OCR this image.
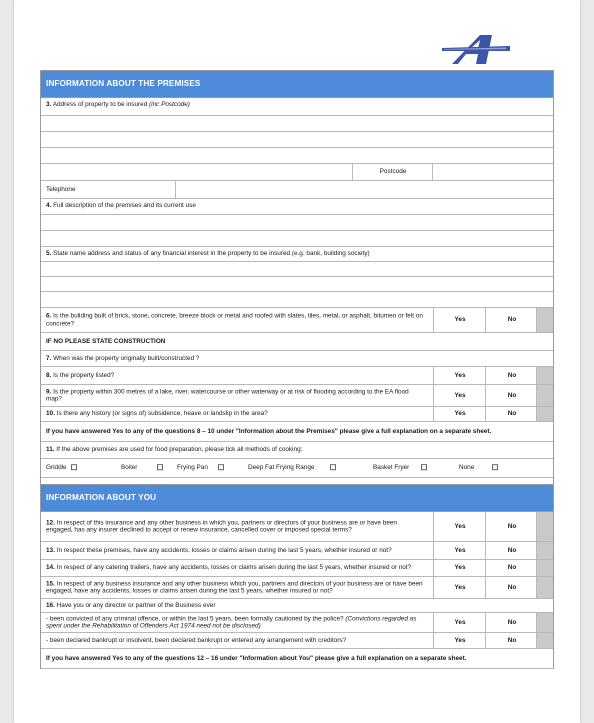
INFORMATION ABOUT THE PREMISES
3. Address of property to be insured (inc Postcode)
Postcode
Telephone
4. Full description of the premises and its current use
5. State name address and status of any financial interest in the property to be insured (e.g. bank, building society)
6. Is the building built of brick, stone, concrete, breeze block or metal and roofed with slates, tiles, metal, or asphalt, bitumen or felt on concrete?
Yes	No
IF NO PLEASE STATE CONSTRUCTION
7. When was the property originally built/constructed ?
8. Is the property listed?	Yes	No
9. Is the property within 300 metres of a lake, river, watercourse or other waterway or at risk of flooding according to the EA flood map?
Yes	No
10. Is there any history (or signs of) subsidence, heave or landslip in the area?	Yes	No
If you have answered Yes to any of the questions 8 – 10 under "Information about the Premises" please give a full explanation on a separate sheet.
11. If the above premises are used for food preparation, please tick all methods of cooking:
Griddle	Boiler	Frying Pan	Deep Fat Frying Range	Basket Fryer	None
INFORMATION ABOUT YOU
12. In respect of this insurance and any other business in which you, partners or directors of your business are or have been engaged, has any insurer declined to accept or renew insurance, cancelled cover or imposed special terms?
Yes	No
13. In respect these premises, have any accidents, losses or claims arisen during the last 5 years, whether insured or not?	Yes	No
14. In respect of any catering trailers, have any accidents, losses or claims arisen during the last 5 years, whether insured or not?	Yes	No
15. In respect of any business insurance and any other business which you, partners and directors of your business are or have been engaged, have any accidents, losses or claims arisen during the last 5 years, whether insured or not?
Yes	No
16. Have you or any director or partner of the Business ever
- been convicted of any criminal offence, or within the last 5 years, been formally cautioned by the police? (Convictions regarded as spent under the Rehabilitation of Offenders Act 1974 need not be disclosed)
Yes	No
- been declared bankrupt or insolvent, been declared bankrupt or entered any arrangement with creditors?	Yes	No
If you have answered Yes to any of the questions 12 – 16 under "Information about You" please give a full explanation on a separate sheet.
